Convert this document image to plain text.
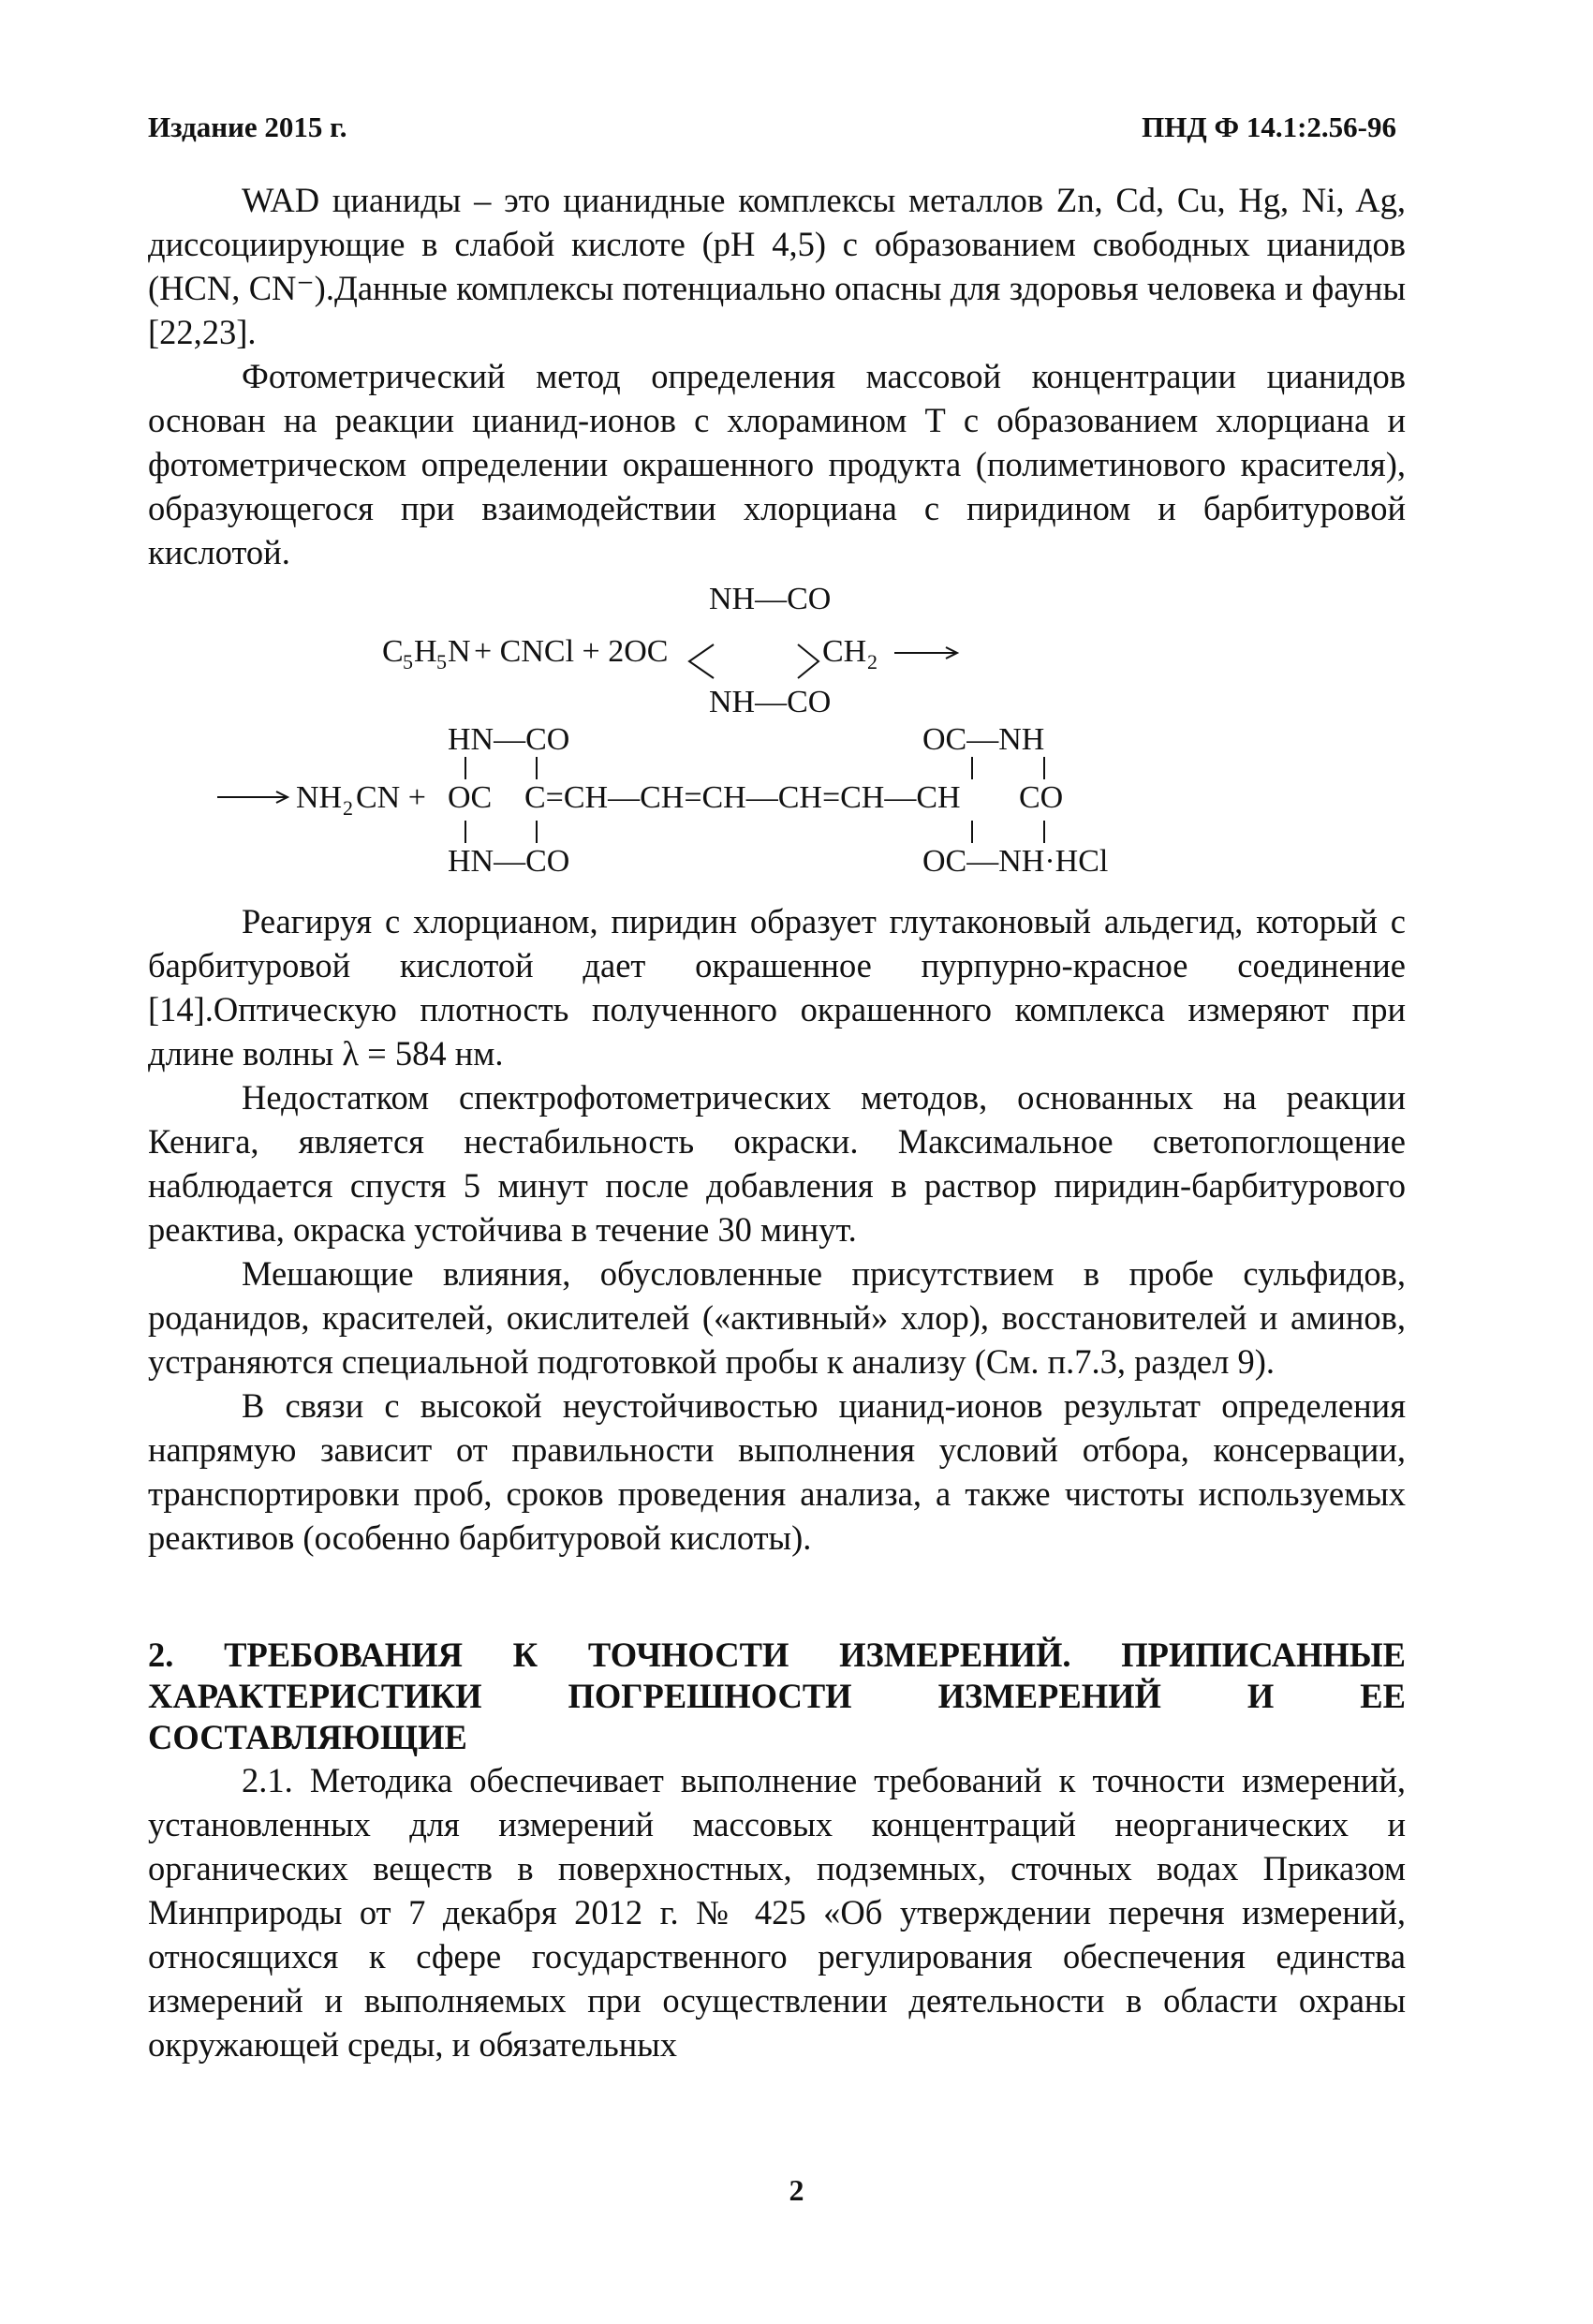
Издание 2015 г.	ПНД Ф 14.1:2.56-96

WAD цианиды – это цианидные комплексы металлов Zn, Cd, Cu, Hg, Ni, Ag, диссоциирующие в слабой кислоте (рН 4,5) с образованием свободных цианидов (HCN, CN⁻).Данные комплексы потенциально опасны для здоровья человека и фауны [22,23].

Фотометрический метод определения массовой концентрации цианидов основан на реакции цианид-ионов с хлорамином Т с образованием хлорциана и фотометрическом определении окрашенного продукта (полиметинового красителя), образующегося при взаимодействии хлорциана с пиридином и барбитуровой кислотой.

NH—CO
C 5 H 5 N + CNCl + 2OC	CH 2
NH—CO
HN—CO	OC—NH
NH 2 CN + OC C=CH—CH=CH—CH=CH—CH CO
HN—CO	OC—NH·HCl

Реагируя с хлорцианом, пиридин образует глутаконовый альдегид, который с барбитуровой кислотой дает окрашенное пурпурно-красное соединение [14].Оптическую плотность полученного окрашенного комплекса измеряют при длине волны λ = 584 нм.

Недостатком спектрофотометрических методов, основанных на реакции Кенига, является нестабильность окраски. Максимальное светопоглощение наблюдается спустя 5 минут после добавления в раствор пиридин-барбитурового реактива, окраска устойчива в течение 30 минут.

Мешающие влияния, обусловленные присутствием в пробе сульфидов, роданидов, красителей, окислителей («активный» хлор), восстановителей и аминов, устраняются специальной подготовкой пробы к анализу (См. п.7.3, раздел 9).

В связи с высокой неустойчивостью цианид-ионов результат определения напрямую зависит от правильности выполнения условий отбора, консервации, транспортировки проб, сроков проведения анализа, а также чистоты используемых реактивов (особенно барбитуровой кислоты).

2. ТРЕБОВАНИЯ К ТОЧНОСТИ ИЗМЕРЕНИЙ. ПРИПИСАННЫЕ ХАРАКТЕРИСТИКИ ПОГРЕШНОСТИ ИЗМЕРЕНИЙ И ЕЕ СОСТАВЛЯЮЩИЕ

2.1. Методика обеспечивает выполнение требований к точности измерений, установленных для измерений массовых концентраций неорганических и органических веществ в поверхностных, подземных, сточных водах Приказом Минприроды от 7 декабря 2012 г. № 425 «Об утверждении перечня измерений, относящихся к сфере государственного регулирования обеспечения единства измерений и выполняемых при осуществлении деятельности в области охраны окружающей среды, и обязательных

2
